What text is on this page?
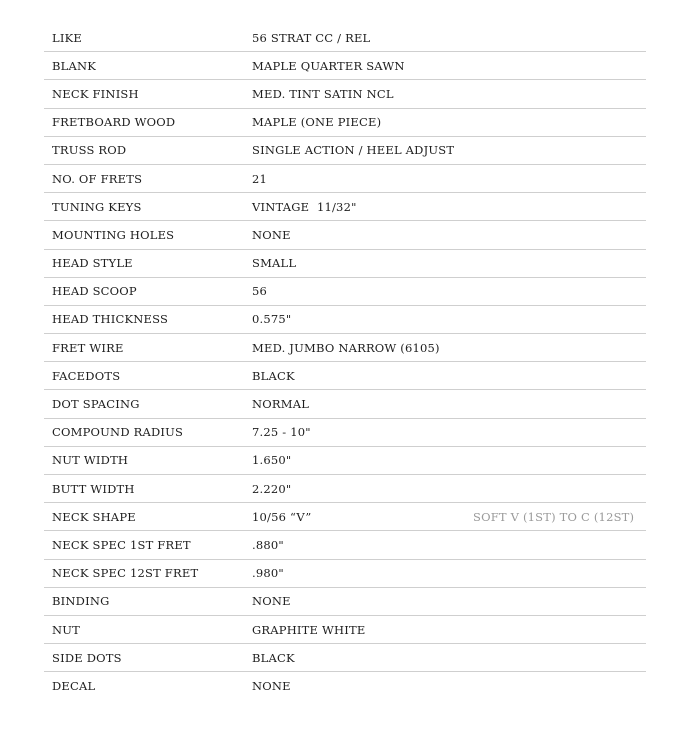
LIKE	56 STRAT CC / REL
BLANK	MAPLE QUARTER SAWN
NECK FINISH	MED. TINT SATIN NCL
FRETBOARD WOOD	MAPLE (ONE PIECE)
TRUSS ROD	SINGLE ACTION / HEEL ADJUST
NO. OF FRETS	21
TUNING KEYS	VINTAGE  11/32"
MOUNTING HOLES	NONE
HEAD STYLE	SMALL
HEAD SCOOP	56
HEAD THICKNESS	0.575"
FRET WIRE	MED. JUMBO NARROW (6105)
FACEDOTS	BLACK
DOT SPACING	NORMAL
COMPOUND RADIUS	7.25 - 10"
NUT WIDTH	1.650"
BUTT WIDTH	2.220"
NECK SHAPE	10/56 “V”	SOFT V (1ST) TO C (12ST)
NECK SPEC 1ST FRET	.880"
NECK SPEC 12ST FRET	.980"
BINDING	NONE
NUT	GRAPHITE WHITE
SIDE DOTS	BLACK
DECAL	NONE
